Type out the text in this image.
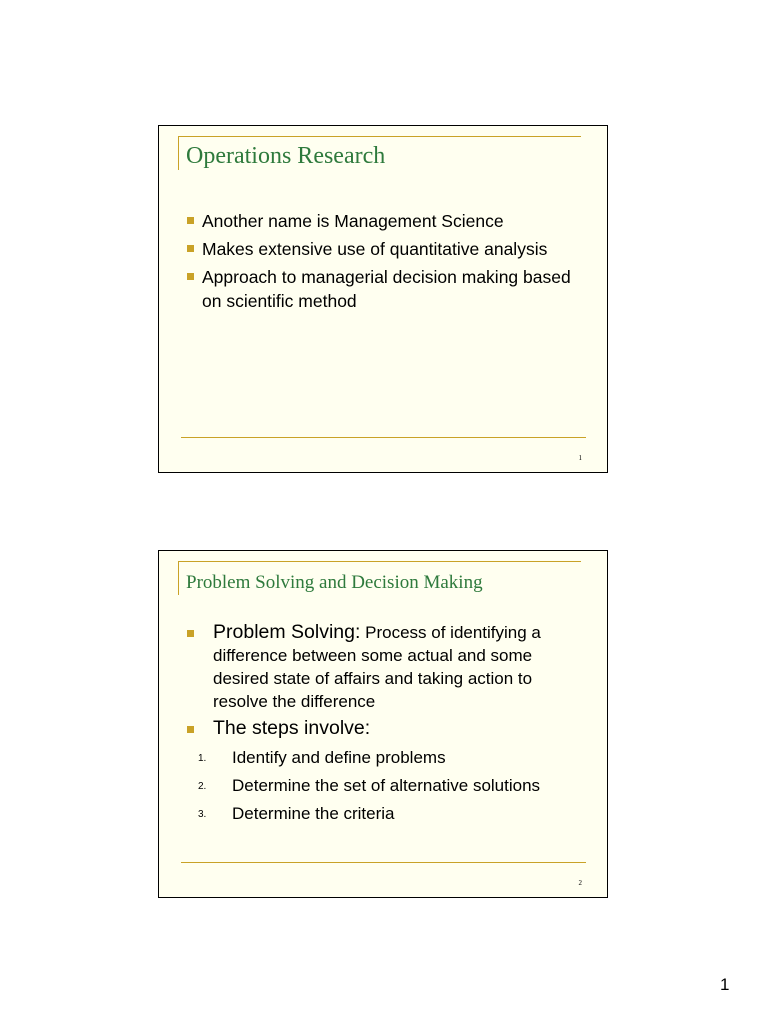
Operations Research
Another name is Management Science
Makes extensive use of quantitative analysis
Approach to managerial decision making based on scientific method
1
Problem Solving and Decision Making
Problem Solving: Process of identifying a difference between some actual and some desired state of affairs and taking action to resolve the difference
The steps involve:
1. Identify and define problems
2. Determine the set of alternative solutions
3. Determine the criteria
2
1
